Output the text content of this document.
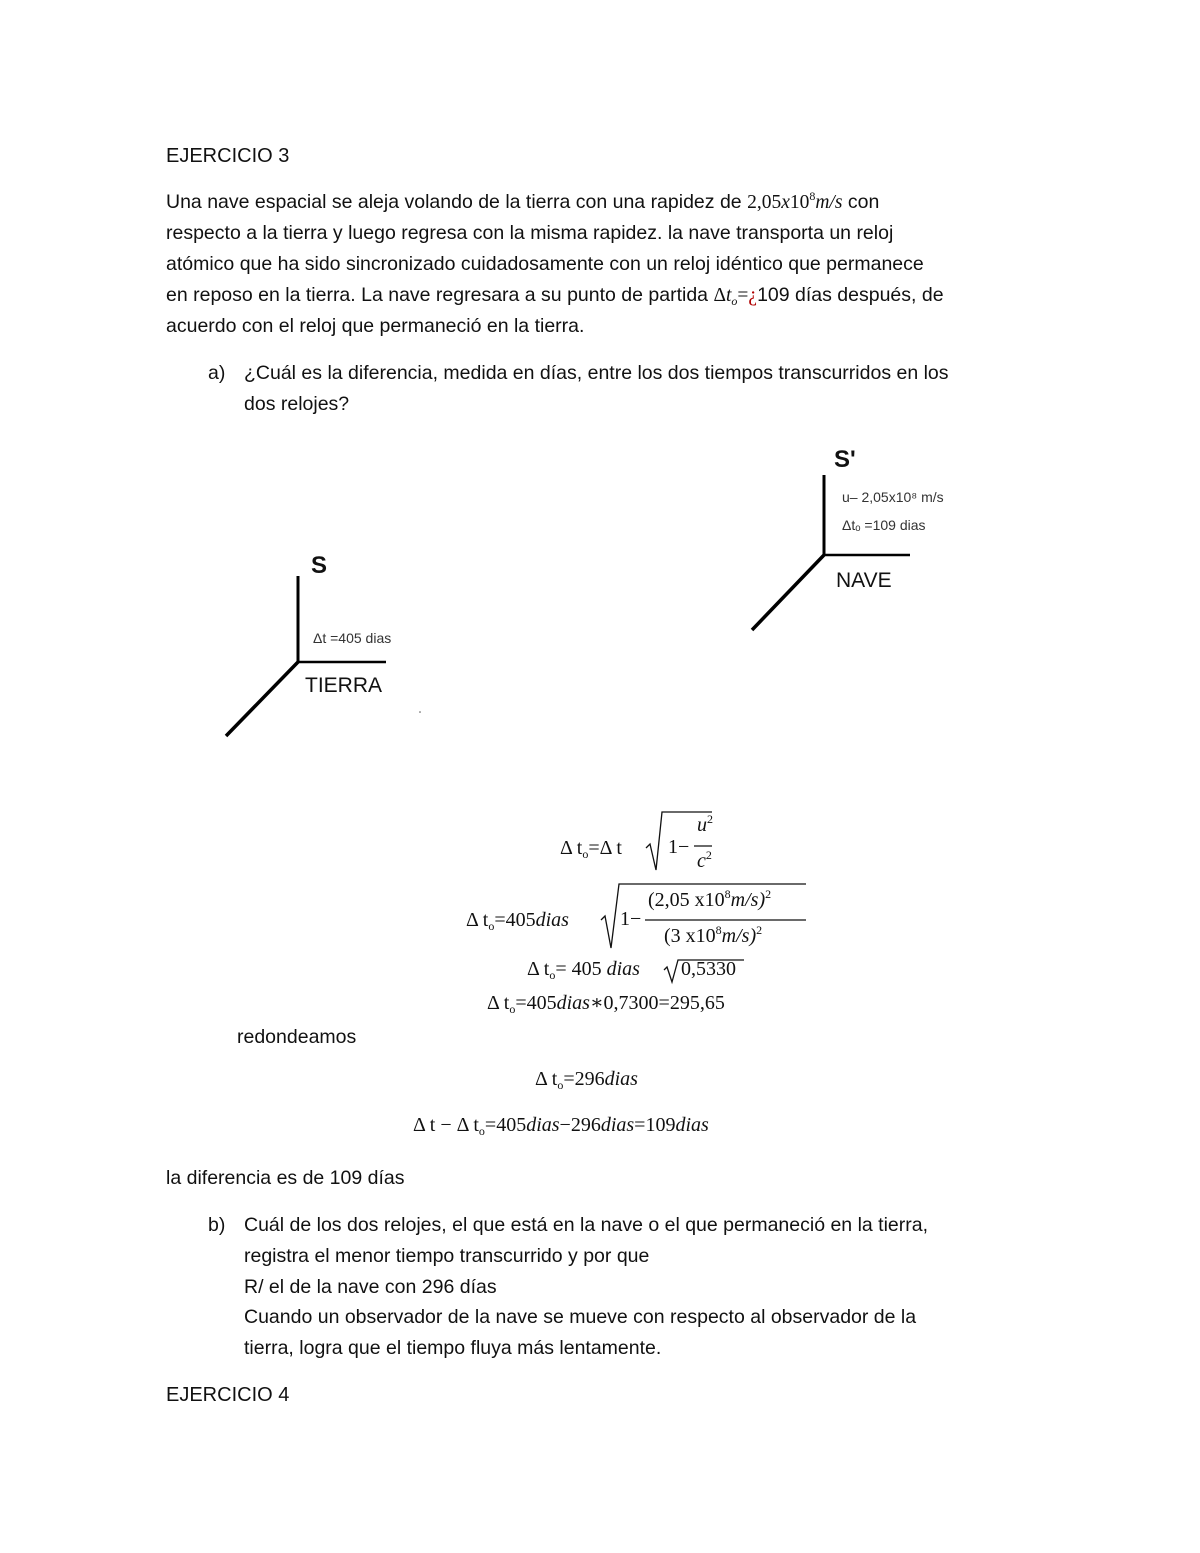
EJERCICIO 3
Una nave espacial se aleja volando de la tierra con una rapidez de $2,05x10^8m/s$ con
respecto a la tierra y luego regresa con la misma rapidez. la nave transporta un reloj
atómico que ha sido sincronizado cuidadosamente con un reloj idéntico que permanece
en reposo en la tierra. La nave regresara a su punto de partida $\Delta t_o=¿109$ días después, de
acuerdo con el reloj que permaneció en la tierra.
a) ¿Cuál es la diferencia, medida en días, entre los dos tiempos transcurridos en los
dos relojes?
S
Δt =405 dias
TIERRA
S'
u– 2,05x10⁸ m/s
Δtₒ =109 dias
NAVE
Δ $t_o=\Delta$ t 1−
$u^2$
$c^2$
Δ $t_o=405dias$	1−
(2,05 $x10^8m/s)^2$
(3 $x10^8m/s)^2$
Δ $t_o= 405$ dias 0,5330
Δ $t_o=405dias∗0,7300=295,65$
redondeamos
Δ $t_o=296dias$
Δ t − Δ $t_o=405dias-296dias=109dias$
la diferencia es de 109 días
b) Cuál de los dos relojes, el que está en la nave o el que permaneció en la tierra,
registra el menor tiempo transcurrido y por que
R/ el de la nave con 296 días
Cuando un observador de la nave se mueve con respecto al observador de la
tierra, logra que el tiempo fluya más lentamente.
EJERCICIO 4
